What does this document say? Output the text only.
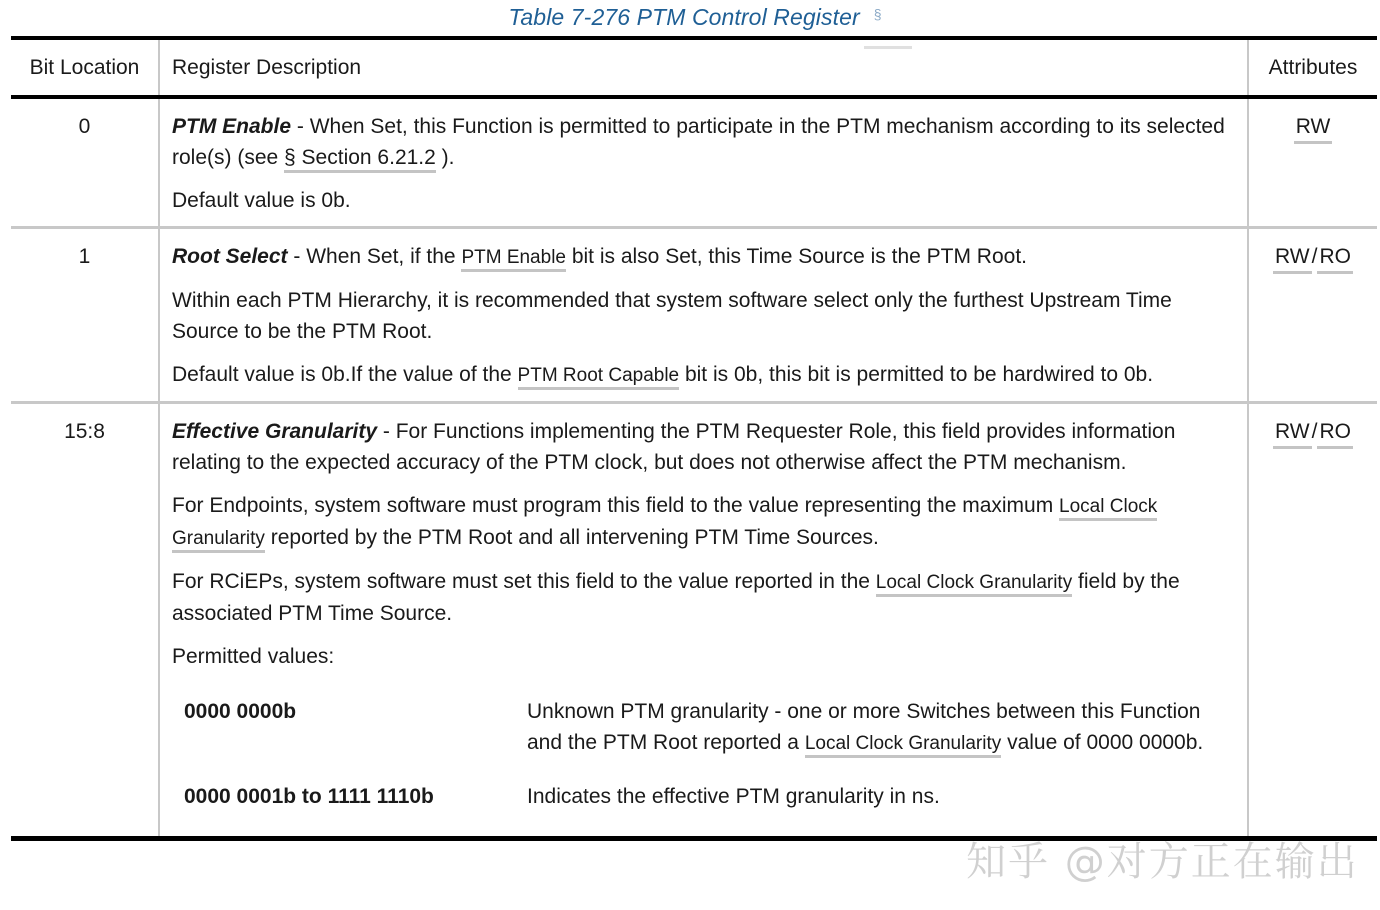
Table 7-276 PTM Control Register §
Bit Location	Register Description	Attributes
0	PTM Enable - When Set, this Function is permitted to participate in the PTM mechanism according to its selected role(s) (see § Section 6.21.2 ).

Default value is 0b.

	RW
1	Root Select - When Set, if the PTM Enable bit is also Set, this Time Source is the PTM Root.

Within each PTM Hierarchy, it is recommended that system software select only the furthest Upstream Time Source to be the PTM Root.

Default value is 0b.If the value of the PTM Root Capable bit is 0b, this bit is permitted to be hardwired to 0b.

	RW/RO
15:8	Effective Granularity - For Functions implementing the PTM Requester Role, this field provides information relating to the expected accuracy of the PTM clock, but does not otherwise affect the PTM mechanism.

For Endpoints, system software must program this field to the value representing the maximum Local Clock Granularity reported by the PTM Root and all intervening PTM Time Sources.

For RCiEPs, system software must set this field to the value reported in the Local Clock Granularity field by the associated PTM Time Source.

Permitted values:

0000 0000b	Unknown PTM granularity - one or more Switches between this Function and the PTM Root reported a Local Clock Granularity value of 0000 0000b.
0000 0001b to 1111 1110b	Indicates the effective PTM granularity in ns.
	RW/RO
知乎 @对方正在输出
